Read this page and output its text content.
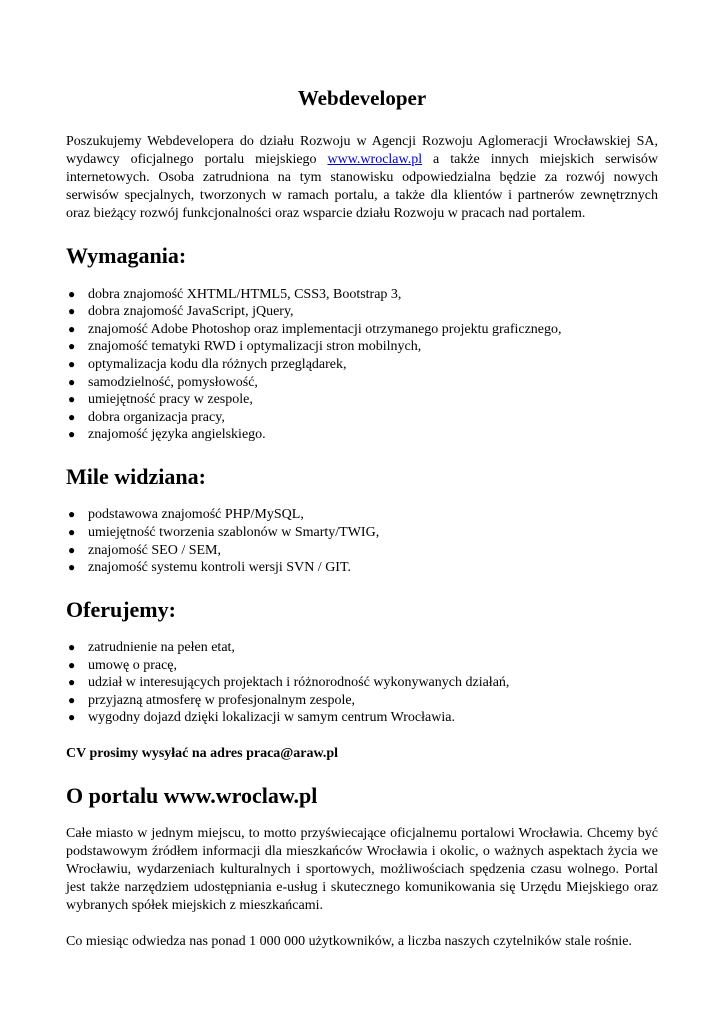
Webdeveloper

Poszukujemy Webdevelopera do działu Rozwoju w Agencji Rozwoju Aglomeracji Wrocławskiej SA, wydawcy oficjalnego portalu miejskiego www.wroclaw.pl a także innych miejskich serwisów internetowych. Osoba zatrudniona na tym stanowisku odpowiedzialna będzie za rozwój nowych serwisów specjalnych, tworzonych w ramach portalu, a także dla klientów i partnerów zewnętrznych oraz bieżący rozwój funkcjonalności oraz wsparcie działu Rozwoju w pracach nad portalem.

Wymagania:
● dobra znajomość XHTML/HTML5, CSS3, Bootstrap 3,
● dobra znajomość JavaScript, jQuery,
● znajomość Adobe Photoshop oraz implementacji otrzymanego projektu graficznego,
● znajomość tematyki RWD i optymalizacji stron mobilnych,
● optymalizacja kodu dla różnych przeglądarek,
● samodzielność, pomysłowość,
● umiejętność pracy w zespole,
● dobra organizacja pracy,
● znajomość języka angielskiego.
Mile widziana:
● podstawowa znajomość PHP/MySQL,
● umiejętność tworzenia szablonów w Smarty/TWIG,
● znajomość SEO / SEM,
● znajomość systemu kontroli wersji SVN / GIT.
Oferujemy:
● zatrudnienie na pełen etat,
● umowę o pracę,
● udział w interesujących projektach i różnorodność wykonywanych działań,
● przyjazną atmosferę w profesjonalnym zespole,
● wygodny dojazd dzięki lokalizacji w samym centrum Wrocławia.

CV prosimy wysyłać na adres praca@araw.pl

O portalu www.wroclaw.pl

Całe miasto w jednym miejscu, to motto przyświecające oficjalnemu portalowi Wrocławia. Chcemy być podstawowym źródłem informacji dla mieszkańców Wrocławia i okolic, o ważnych aspektach życia we Wrocławiu, wydarzeniach kulturalnych i sportowych, możliwościach spędzenia czasu wolnego. Portal jest także narzędziem udostępniania e-usług i skutecznego komunikowania się Urzędu Miejskiego oraz wybranych spółek miejskich z mieszkańcami.

Co miesiąc odwiedza nas ponad 1 000 000 użytkowników, a liczba naszych czytelników stale rośnie.
